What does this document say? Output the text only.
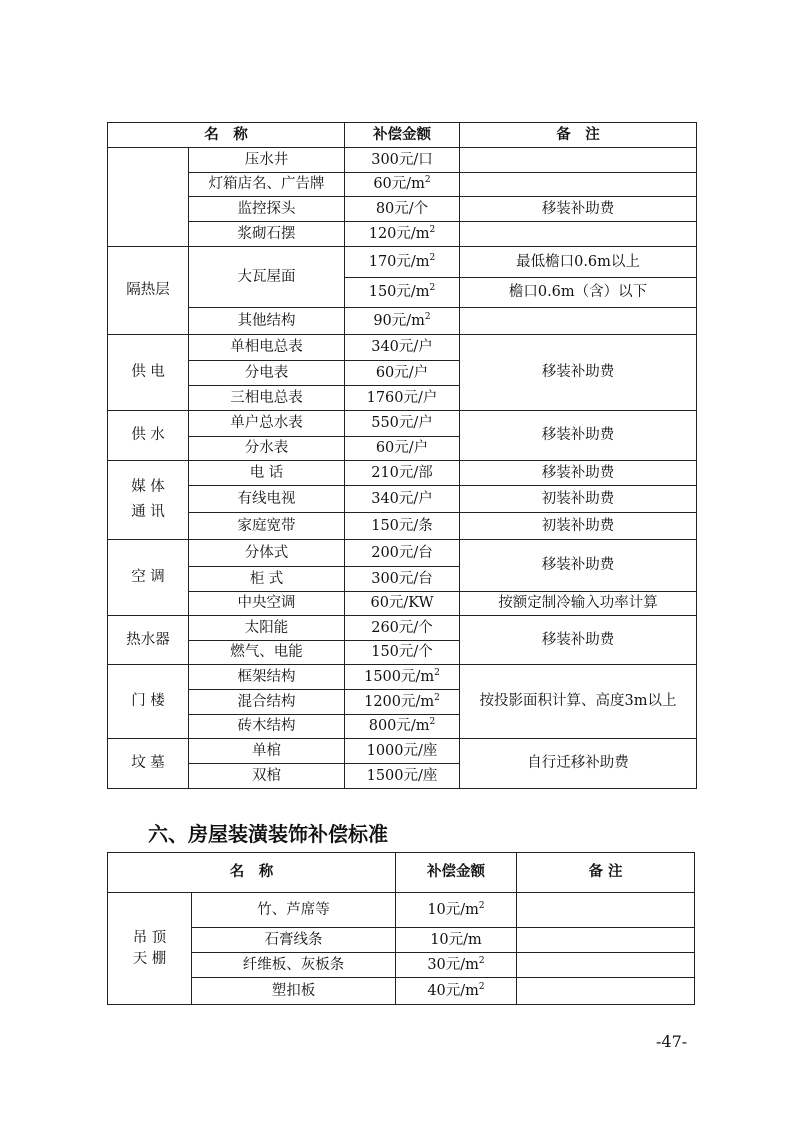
名　称		补偿金额	备　注
	压水井	300元/口	
	灯箱店名、广告牌	60元$/m^2$	
	监控探头	80元/个	移装补助费
	浆砌石摆	120元$/m^2$	
隔热层	大瓦屋面	170元$/m^2$	最低檐口0.6m以上
		150元$/m^2$	檐口0.6m（含）以下
	其他结构	90元$/m^2$	
供 电	单相电总表	340元/户	移装补助费
	分电表	60元/户	
	三相电总表	1760元/户	
供 水	单户总水表	550元/户	移装补助费
	分水表	60元/户	

媒 体
通 讯	电 话	210元/部	移装补助费
	有线电视	340元/户	初装补助费
	家庭宽带	150元/条	初装补助费
空 调	分体式	200元/台	移装补助费
	柜 式	300元/台	
	中央空调	60元/KW	按额定制冷输入功率计算
热水器	太阳能	260元/个	移装补助费
	燃气、电能	150元/个	
门 楼	框架结构	1500元$/m^2$	按投影面积计算、高度3m以上
	混合结构	1200元$/m^2$
	砖木结构	800元$/m^2$
坟 墓	单棺	1000元/座	自行迁移补助费
	双棺	1500元/座	
六、房屋装潢装饰补偿标准
名　称		补偿金额	备 注

吊 顶
天 棚	竹、芦席等	10元$/m^2$	
	石膏线条	10元/m	
	纤维板、灰板条	30元$/m^2$	
	塑扣板	40元$/m^2$	
-47-
